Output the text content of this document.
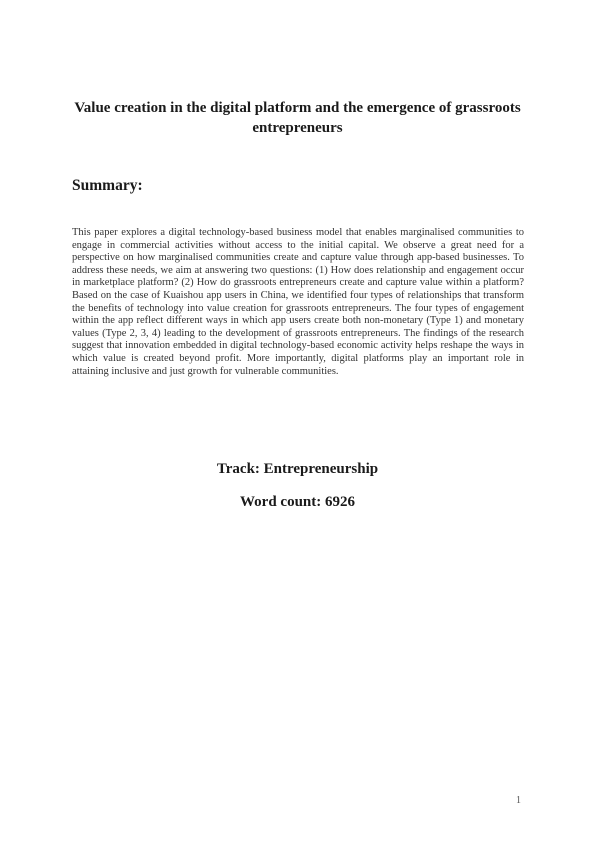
Value creation in the digital platform and the emergence of grassroots entrepreneurs
Summary:
This paper explores a digital technology-based business model that enables marginalised communities to engage in commercial activities without access to the initial capital. We observe a great need for a perspective on how marginalised communities create and capture value through app-based businesses. To address these needs, we aim at answering two questions: (1) How does relationship and engagement occur in marketplace platform? (2) How do grassroots entrepreneurs create and capture value within a platform? Based on the case of Kuaishou app users in China, we identified four types of relationships that transform the benefits of technology into value creation for grassroots entrepreneurs. The four types of engagement within the app reflect different ways in which app users create both non-monetary (Type 1) and monetary values (Type 2, 3, 4) leading to the development of grassroots entrepreneurs. The findings of the research suggest that innovation embedded in digital technology-based economic activity helps reshape the ways in which value is created beyond profit. More importantly, digital platforms play an important role in attaining inclusive and just growth for vulnerable communities.
Track: Entrepreneurship
Word count: 6926
1
